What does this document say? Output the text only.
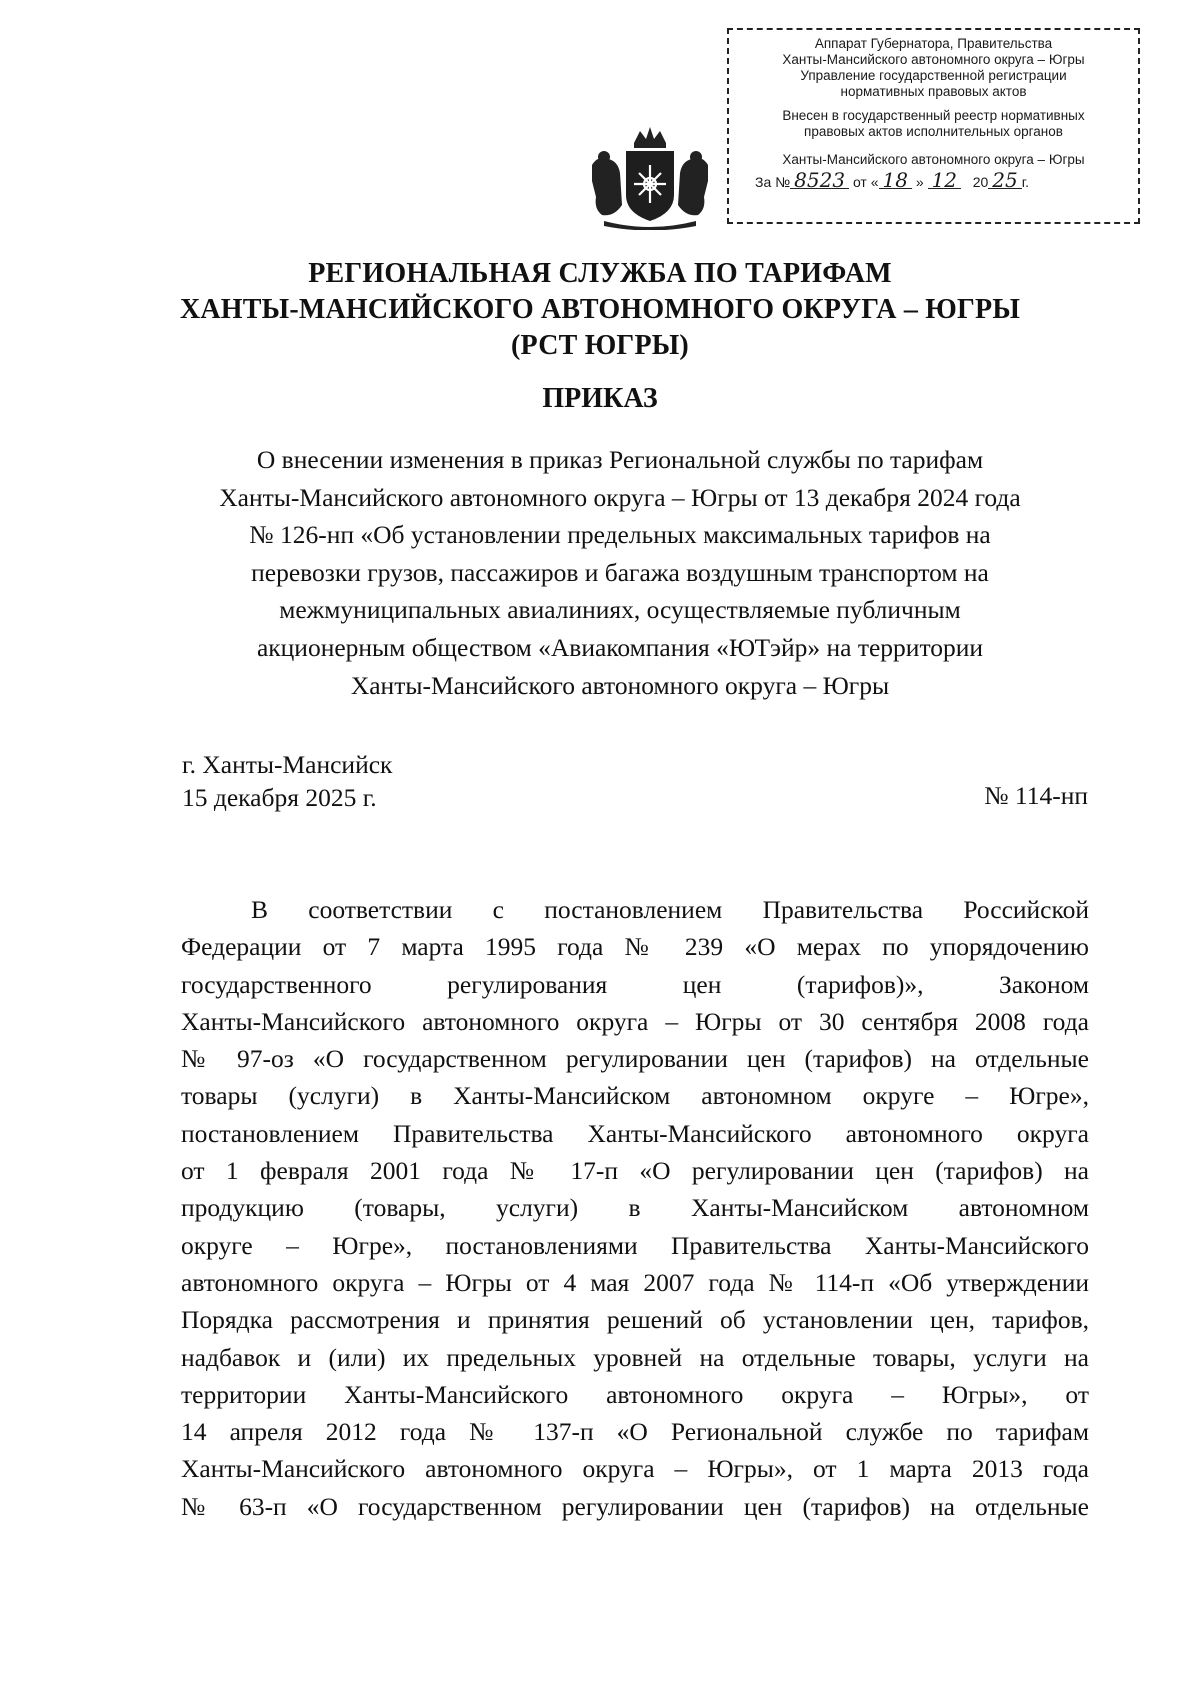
Аппарат Губернатора, Правительства
Ханты-Мансийского автономного округа – Югры
Управление государственной регистрации
нормативных правовых актов
Внесен в государственный реестр нормативных
правовых актов исполнительных органов
Ханты-Мансийского автономного округа – Югры
За № 8523 от « 18 » 12 20 25 г.
РЕГИОНАЛЬНАЯ СЛУЖБА ПО ТАРИФАМ
ХАНТЫ-МАНСИЙСКОГО АВТОНОМНОГО ОКРУГА – ЮГРЫ
(РСТ ЮГРЫ)
ПРИКАЗ
О внесении изменения в приказ Региональной службы по тарифам
Ханты-Мансийского автономного округа – Югры от 13 декабря 2024 года
№ 126-нп «Об установлении предельных максимальных тарифов на
перевозки грузов, пассажиров и багажа воздушным транспортом на
межмуниципальных авиалиниях, осуществляемые публичным
акционерным обществом «Авиакомпания «ЮТэйр» на территории
Ханты-Мансийского автономного округа – Югры
г. Ханты-Мансийск
15 декабря 2025 г.	№ 114-нп
В соответствии с постановлением Правительства Российской
Федерации от 7 марта 1995 года № 239 «О мерах по упорядочению
государственного регулирования цен (тарифов)», Законом
Ханты-Мансийского автономного округа – Югры от 30 сентября 2008 года
№ 97-оз «О государственном регулировании цен (тарифов) на отдельные
товары (услуги) в Ханты-Мансийском автономном округе – Югре»,
постановлением Правительства Ханты-Мансийского автономного округа
от 1 февраля 2001 года № 17-п «О регулировании цен (тарифов) на
продукцию (товары, услуги) в Ханты-Мансийском автономном
округе – Югре», постановлениями Правительства Ханты-Мансийского
автономного округа – Югры от 4 мая 2007 года № 114-п «Об утверждении
Порядка рассмотрения и принятия решений об установлении цен, тарифов,
надбавок и (или) их предельных уровней на отдельные товары, услуги на
территории Ханты-Мансийского автономного округа – Югры», от
14 апреля 2012 года № 137-п «О Региональной службе по тарифам
Ханты-Мансийского автономного округа – Югры», от 1 марта 2013 года
№ 63-п «О государственном регулировании цен (тарифов) на отдельные
